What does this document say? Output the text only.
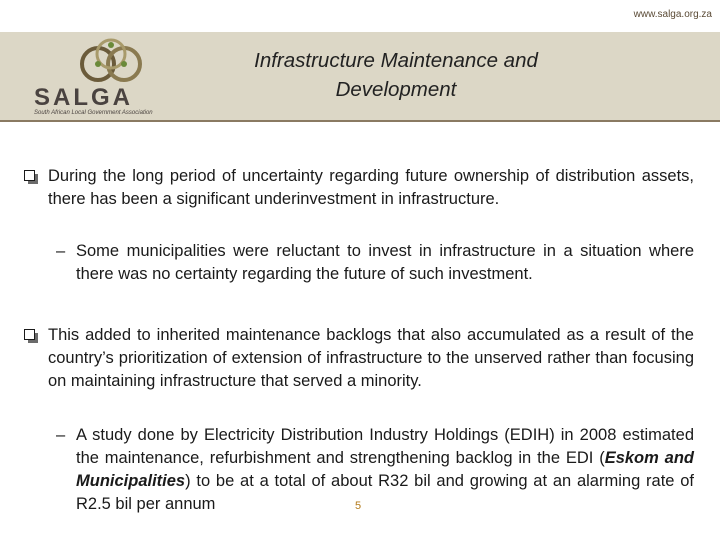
www.salga.org.za
SALGA
South African Local Government Association
Infrastructure Maintenance and
Development
During the long period of uncertainty regarding future ownership of distribution assets, there has been a significant underinvestment in infrastructure.
– Some municipalities were reluctant to invest in infrastructure in a situation where there was no certainty regarding the future of such investment.
This added to inherited maintenance backlogs that also accumulated as a result of the country’s prioritization of extension of infrastructure to the unserved rather than focusing on maintaining infrastructure that served a minority.
– A study done by Electricity Distribution Industry Holdings (EDIH) in 2008 estimated the maintenance, refurbishment and strengthening backlog in the EDI (Eskom and Municipalities) to be at a total of about R32 bil and growing at an alarming rate of R2.5 bil per annum	5
